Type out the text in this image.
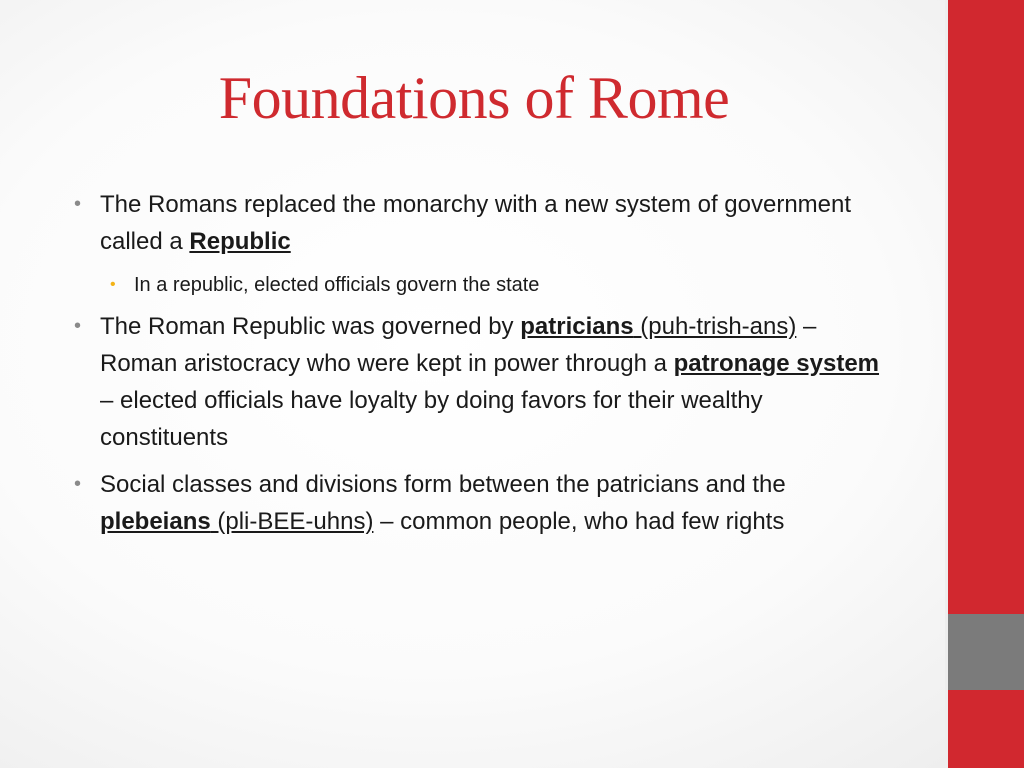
Foundations of Rome
• The Romans replaced the monarchy with a new system of government called a Republic
• In a republic, elected officials govern the state
• The Roman Republic was governed by patricians (puh-trish-ans) – Roman aristocracy who were kept in power through a patronage system – elected officials have loyalty by doing favors for their wealthy constituents
• Social classes and divisions form between the patricians and the plebeians (pli-BEE-uhns) – common people, who had few rights
